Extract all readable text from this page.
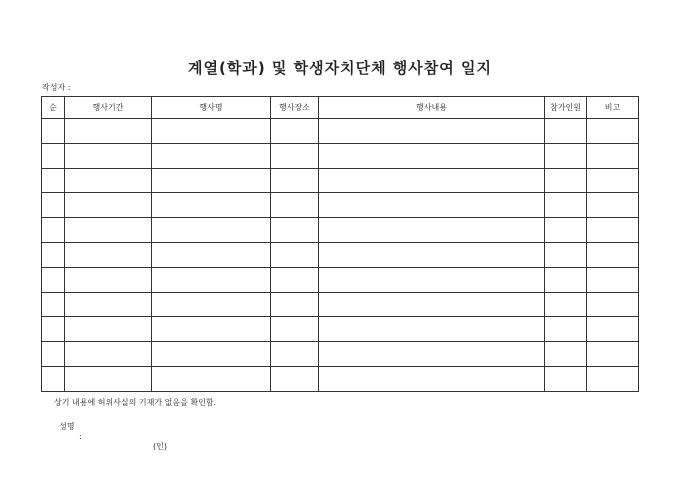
계열(학과) 및 학생자치단체 행사참여 일지
작성자 :
순	행사기간	행사명	행사장소	행사내용	참가인원	비고

상기 내용에 허위사실의 기재가 없음을 확인함.

성명

:

(인)
